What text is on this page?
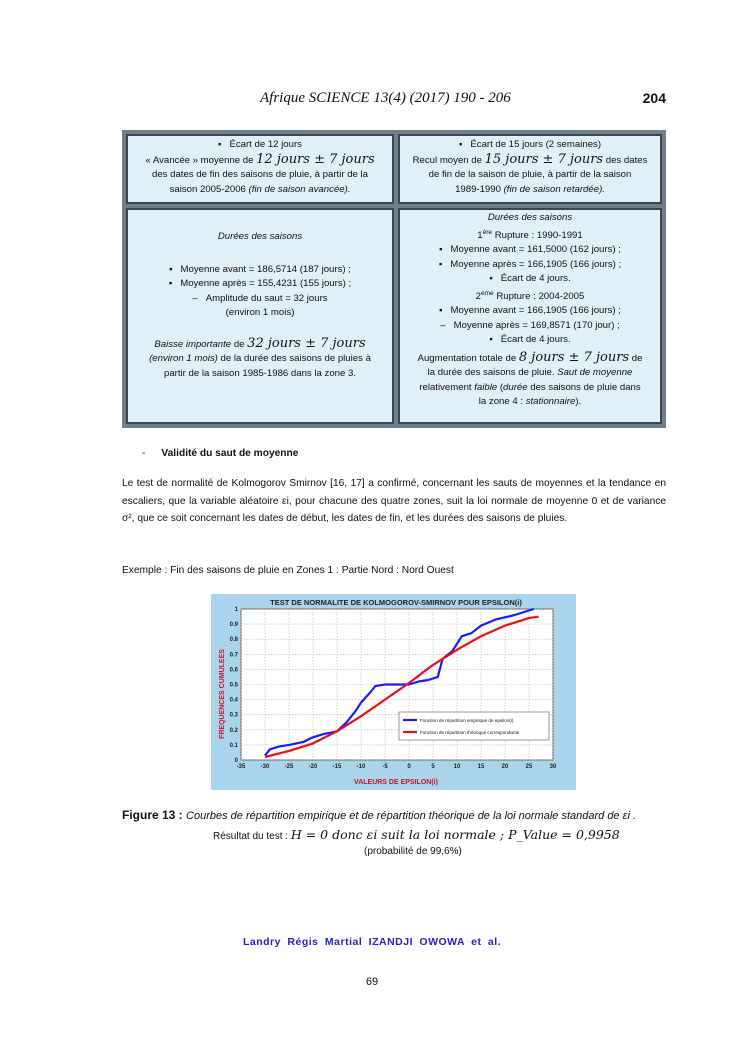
Afrique SCIENCE 13(4) (2017) 190 - 206	204
▪   Écart de 12 jours
« Avancée » moyenne de 12 jours ± 7 jours
des dates de fin des saisons de pluie, à partir de la
saison 2005-2006 (fin de saison avancée).
▪   Écart de 15 jours (2 semaines)
Recul moyen de 15 jours ± 7 jours des dates
de fin de la saison de pluie, à partir de la saison
1989-1990 (fin de saison retardée).
Durées des saisons
▪   Moyenne avant = 186,5714 (187 jours) ;
▪   Moyenne après = 155,4231 (155 jours) ;
–   Amplitude du saut = 32 jours
(environ 1 mois)
Baisse importante de 32 jours ± 7 jours
(environ 1 mois) de la durée des saisons de pluies à
partir de la saison 1985-1986 dans la zone 3.
Durées des saisons
1ère Rupture : 1990-1991
▪   Moyenne avant = 161,5000 (162 jours) ;
▪   Moyenne après = 166,1905 (166 jours) ;
▪   Écart de 4 jours.
2ème Rupture : 2004-2005
▪   Moyenne avant = 166,1905 (166 jours) ;
–   Moyenne après = 169,8571 (170 jour) ;
▪   Écart de 4 jours.
Augmentation totale de 8 jours ± 7 jours de
la durée des saisons de pluie. Saut de moyenne
relativement faible (durée des saisons de pluie dans
la zone 4 : stationnaire).
- Validité du saut de moyenne

Le test de normalité de Kolmogorov Smirnov [16, 17] a confirmé, concernant les sauts de moyennes et la tendance en escaliers, que la variable aléatoire εi, pour chacune des quatre zones, suit la loi normale de moyenne 0 et de variance σ², que ce soit concernant les dates de début, les dates de fin, et les durées des saisons de pluies.

Exemple : Fin des saisons de pluie en Zones 1 : Partie Nord : Nord Ouest

TEST DE NORMALITE DE KOLMOGOROV-SMIRNOV POUR EPSILON(i)
VALEURS DE EPSILON(i)
FREQUENCES CUMULEES
-35	-30	-25	-20	-15	-10	-5	0	5	10	15	20	25	30
0
0.1
0.2
0.3
0.4
0.5
0.6
0.7
0.8
0.9
1
Fonction de répartition empirique de epsilon(i)
Fonction de répartition théorique correspondante
Figure 13 : Courbes de répartition empirique et de répartition théorique de la loi normale standard de εi .
Résultat du test : H = 0 donc εi suit la loi normale ; P_Value = 0,9958
(probabilité de 99,6%)
Landry Régis Martial IZANDJI OWOWA et al.
69
